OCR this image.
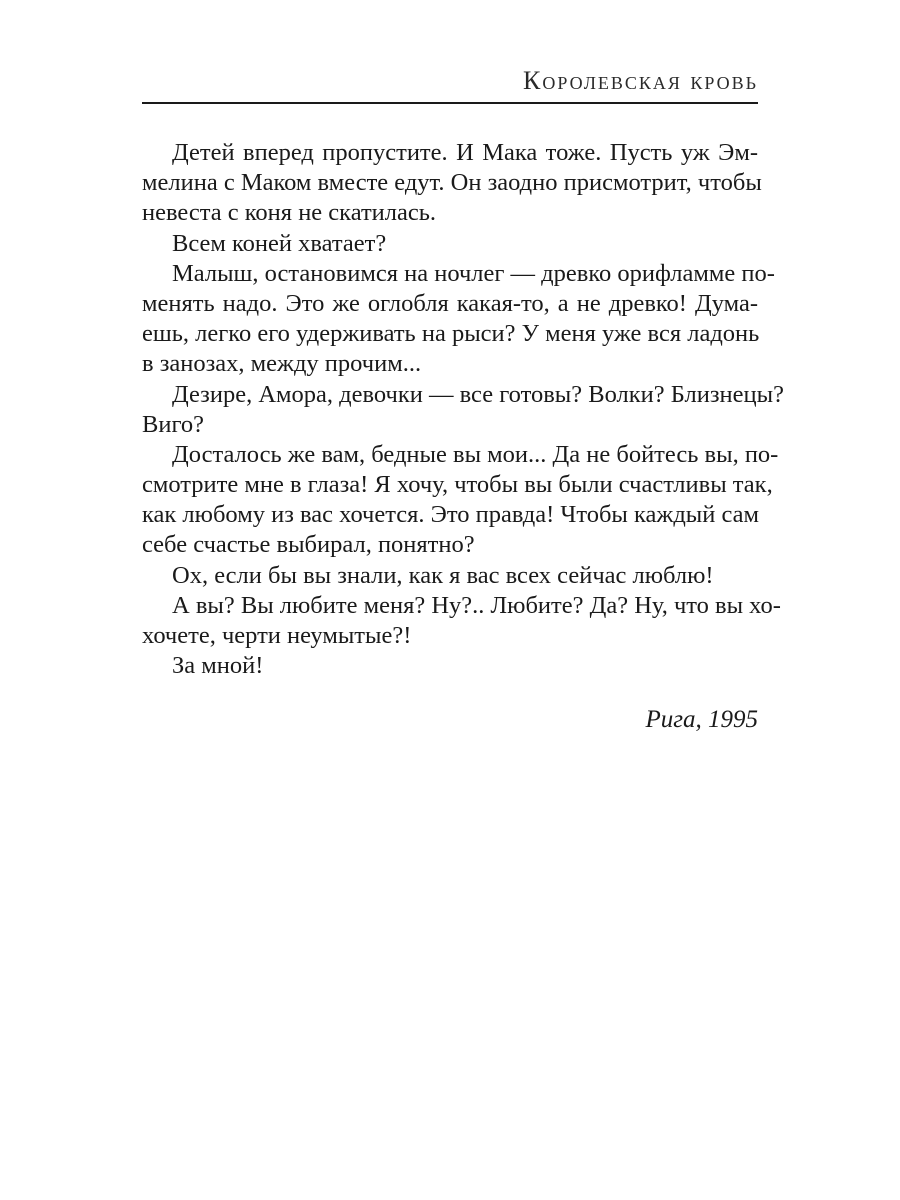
Королевская кровь
Детей вперед пропустите. И Мака тоже. Пусть уж Эм-
мелина с Маком вместе едут. Он заодно присмотрит, чтобы
невеста с коня не скатилась.
Всем коней хватает?
Малыш, остановимся на ночлег — древко орифламме по-
менять надо. Это же оглобля какая-то, а не древко! Дума-
ешь, легко его удерживать на рыси? У меня уже вся ладонь
в занозах, между прочим...
Дезире, Амора, девочки — все готовы? Волки? Близнецы?
Виго?
Досталось же вам, бедные вы мои... Да не бойтесь вы, по-
смотрите мне в глаза! Я хочу, чтобы вы были счастливы так,
как любому из вас хочется. Это правда! Чтобы каждый сам
себе счастье выбирал, понятно?
Ох, если бы вы знали, как я вас всех сейчас люблю!
А вы? Вы любите меня? Ну?.. Любите? Да? Ну, что вы хо-
хочете, черти неумытые?!
За мной!
Рига, 1995
